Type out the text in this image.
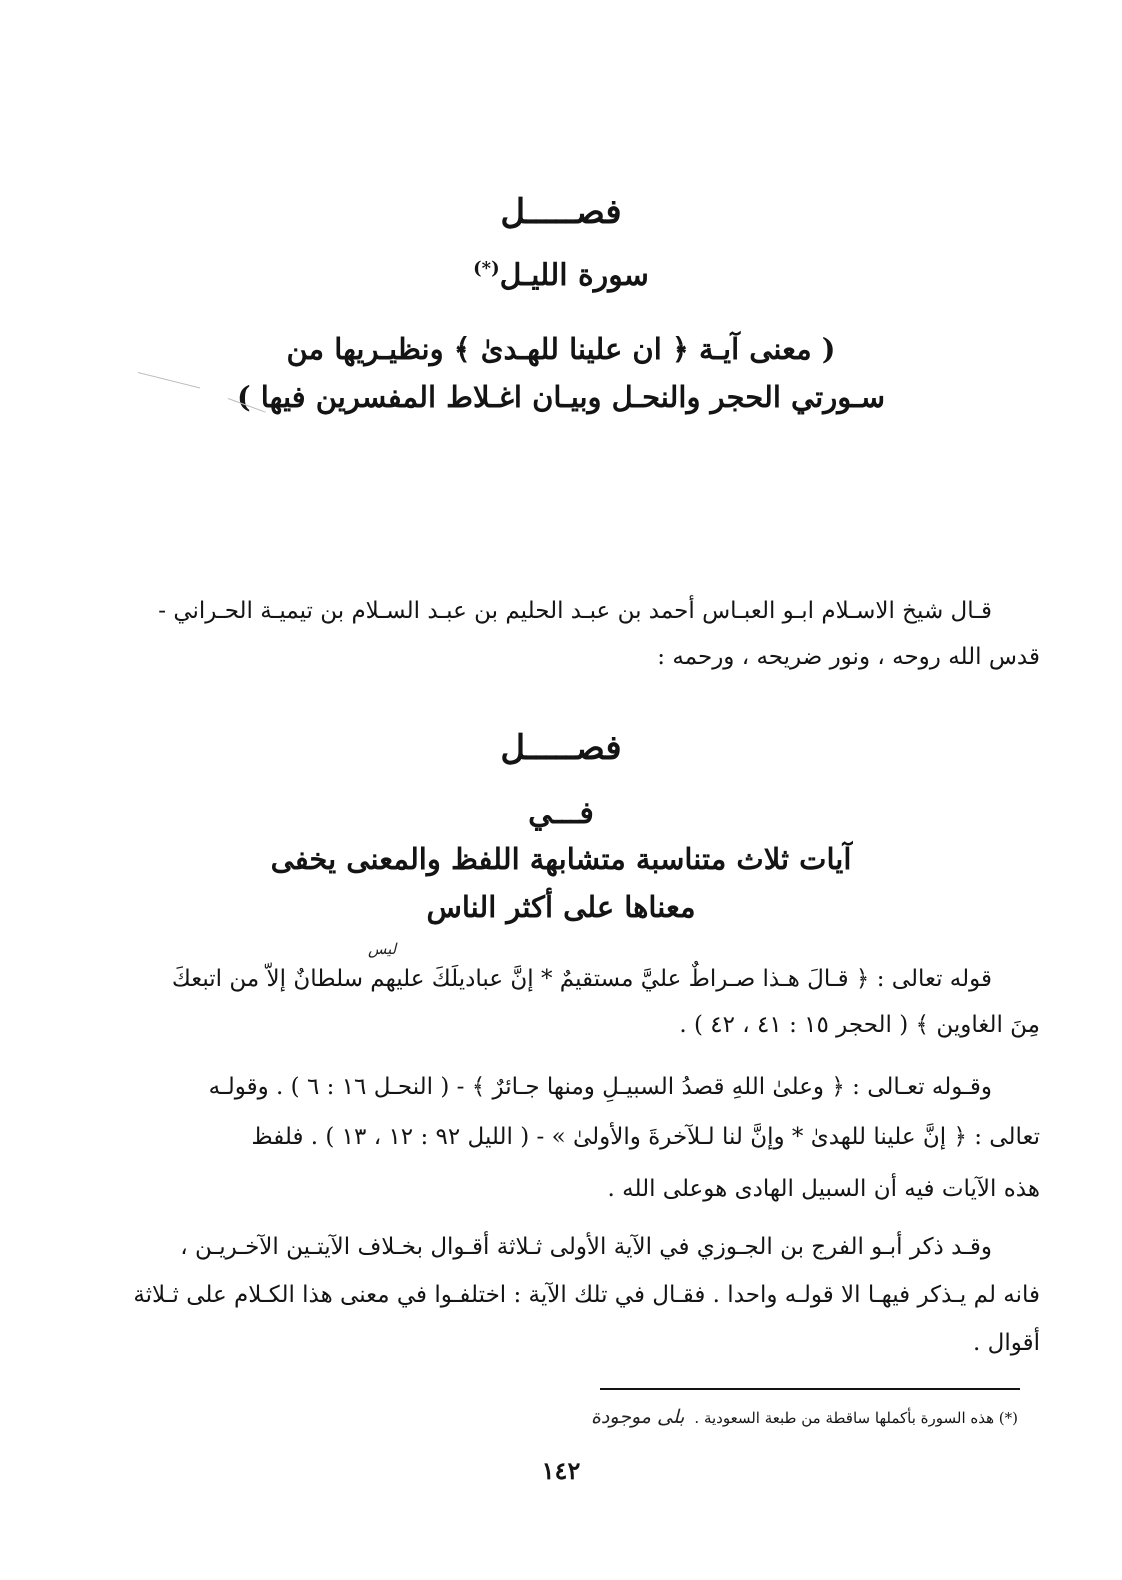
فصـــــل
سورة الليـل(*)
( معنى آيـة ﴿ ان علينا للهـدىٰ ﴾ ونظيـريها من
سـورتي الحجر والنحـل وبيـان اغـلاط المفسرين فيها )
قـال شيخ الاسـلام ابـو العبـاس أحمد بن عبـد الحليم بن عبـد السـلام بن تيميـة الحـراني -
قدس الله روحه ، ونور ضريحه ، ورحمه :
فصـــــل
فـــي
آيات ثلاث متناسبة متشابهة اللفظ والمعنى يخفى
معناها على أكثر الناس
ليس
قوله تعالى : ﴿ قـالَ هـذا صـراطٌ عليَّ مستقيمٌ * إنَّ عباديلَكَ عليهم سلطانٌ إلاّ من اتبعكَ
مِنَ الغاوين ﴾ ( الحجر ١٥ : ٤١ ، ٤٢ ) .
وقـوله تعـالى : ﴿ وعلىٰ اللهِ قصدُ السبيـلِ ومنها جـائرٌ ﴾ - ( النحـل ١٦ : ٦ ) . وقولـه
تعالى : ﴿ إنَّ علينا للهدىٰ * وإنَّ لنا لـلآخرةَ والأولىٰ » - ( الليل ٩٢ : ١٢ ، ١٣ ) . فلفظ
هذه الآيات فيه أن السبيل الهادى هوعلى الله .
وقـد ذكر أبـو الفرج بن الجـوزي في الآية الأولى ثـلاثة أقـوال بخـلاف الآيتـين الآخـريـن ،
فانه لم يـذكر فيهـا الا قولـه واحدا . فقـال في تلك الآية : اختلفـوا في معنى هذا الكـلام على ثـلاثة
أقوال .
(*) هذه السورة بأكملها ساقطة من طبعة السعودية .بلى موجودة
١٤٢
